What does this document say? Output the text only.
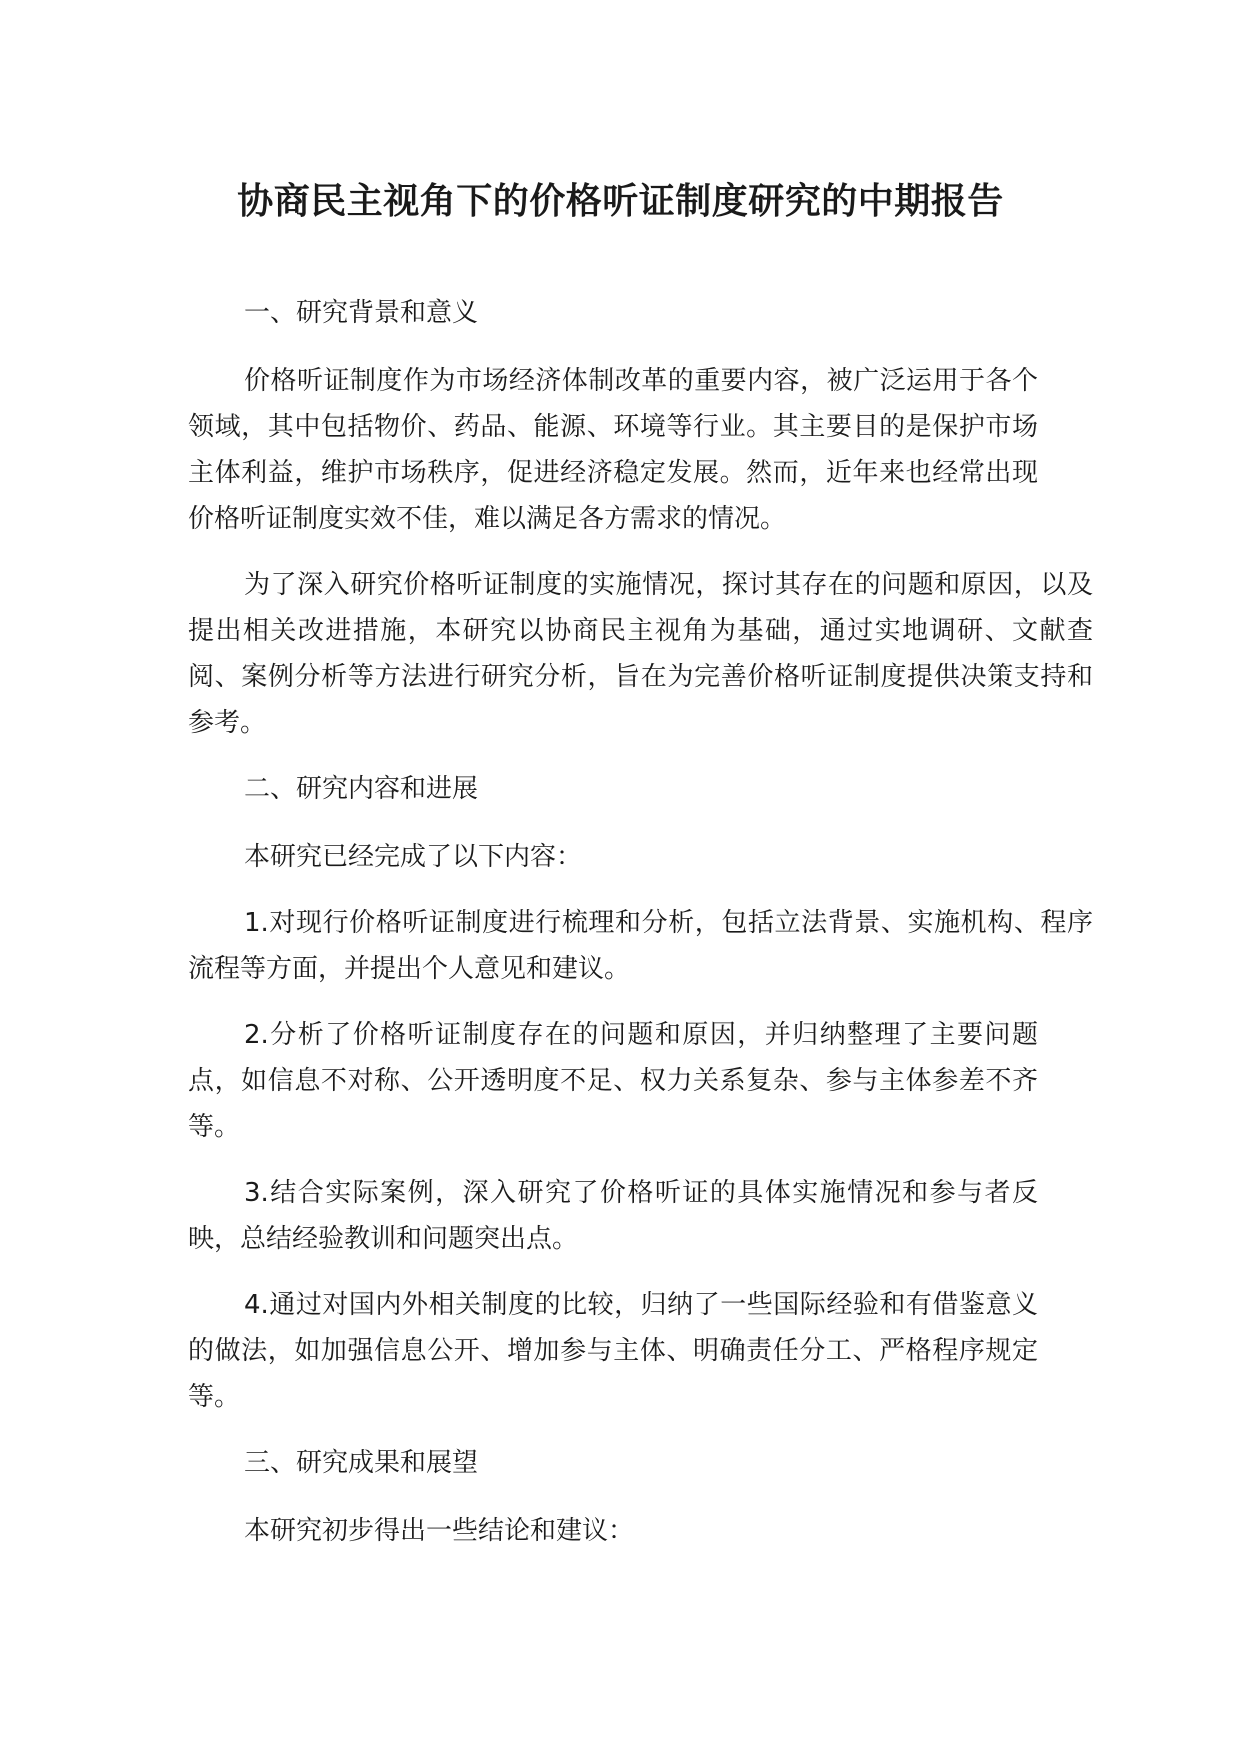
协商民主视角下的价格听证制度研究的中期报告

一、研究背景和意义

价格听证制度作为市场经济体制改革的重要内容，被广泛运用于各个领域，其中包括物价、药品、能源、环境等行业。其主要目的是保护市场主体利益，维护市场秩序，促进经济稳定发展。然而，近年来也经常出现价格听证制度实效不佳，难以满足各方需求的情况。

为了深入研究价格听证制度的实施情况，探讨其存在的问题和原因，以及提出相关改进措施，本研究以协商民主视角为基础，通过实地调研、文献查阅、案例分析等方法进行研究分析，旨在为完善价格听证制度提供决策支持和参考。

二、研究内容和进展

本研究已经完成了以下内容：

1.对现行价格听证制度进行梳理和分析，包括立法背景、实施机构、程序流程等方面，并提出个人意见和建议。

2.分析了价格听证制度存在的问题和原因，并归纳整理了主要问题点，如信息不对称、公开透明度不足、权力关系复杂、参与主体参差不齐等。

3.结合实际案例，深入研究了价格听证的具体实施情况和参与者反映，总结经验教训和问题突出点。

4.通过对国内外相关制度的比较，归纳了一些国际经验和有借鉴意义的做法，如加强信息公开、增加参与主体、明确责任分工、严格程序规定等。

三、研究成果和展望

本研究初步得出一些结论和建议：
